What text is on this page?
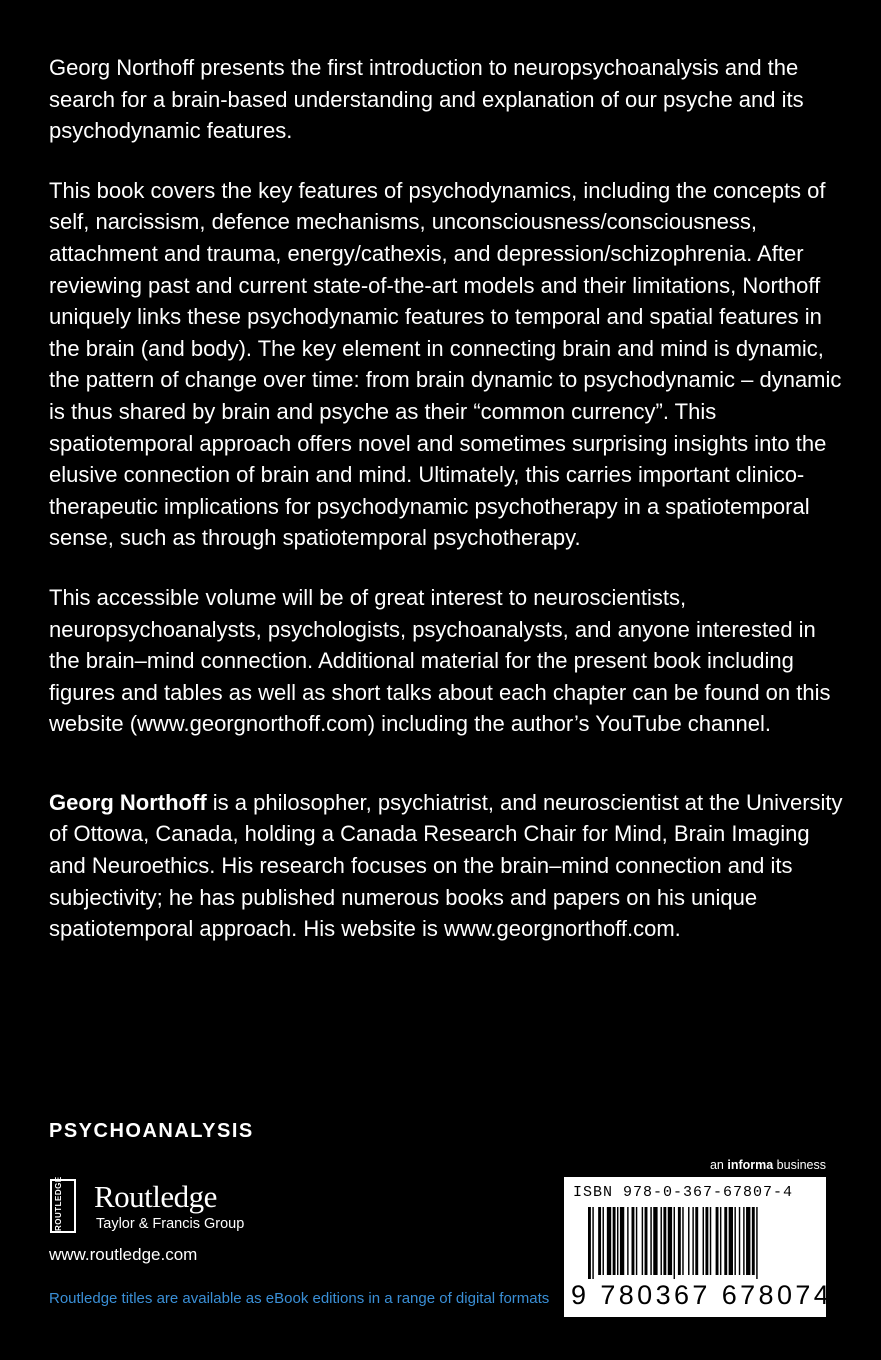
Georg Northoff presents the first introduction to neuropsychoanalysis and the search for a brain-based understanding and explanation of our psyche and its psychodynamic features.

This book covers the key features of psychodynamics, including the concepts of self, narcissism, defence mechanisms, unconsciousness/consciousness, attachment and trauma, energy/cathexis, and depression/schizophrenia. After reviewing past and current state-of-the-art models and their limitations, Northoff uniquely links these psychodynamic features to temporal and spatial features in the brain (and body). The key element in connecting brain and mind is dynamic, the pattern of change over time: from brain dynamic to psychodynamic – dynamic is thus shared by brain and psyche as their “common currency”. This spatiotemporal approach offers novel and sometimes surprising insights into the elusive connection of brain and mind. Ultimately, this carries important clinico-therapeutic implications for psychodynamic psychotherapy in a spatiotemporal sense, such as through spatiotemporal psychotherapy.

This accessible volume will be of great interest to neuroscientists, neuropsychoanalysts, psychologists, psychoanalysts, and anyone interested in the brain–mind connection. Additional material for the present book including figures and tables as well as short talks about each chapter can be found on this website (www.georgnorthoff.com) including the author’s YouTube channel.

Georg Northoff is a philosopher, psychiatrist, and neuroscientist at the University of Ottowa, Canada, holding a Canada Research Chair for Mind, Brain Imaging and Neuroethics. His research focuses on the brain–mind connection and its subjectivity; he has published numerous books and papers on his unique spatiotemporal approach. His website is www.georgnorthoff.com.

PSYCHOANALYSIS
ROUTLEDGE Routledge
Taylor & Francis Group
www.routledge.com
Routledge titles are available as eBook editions in a range of digital formats
an informa business
ISBN 978-0-367-67807-4
9 780367 678074
